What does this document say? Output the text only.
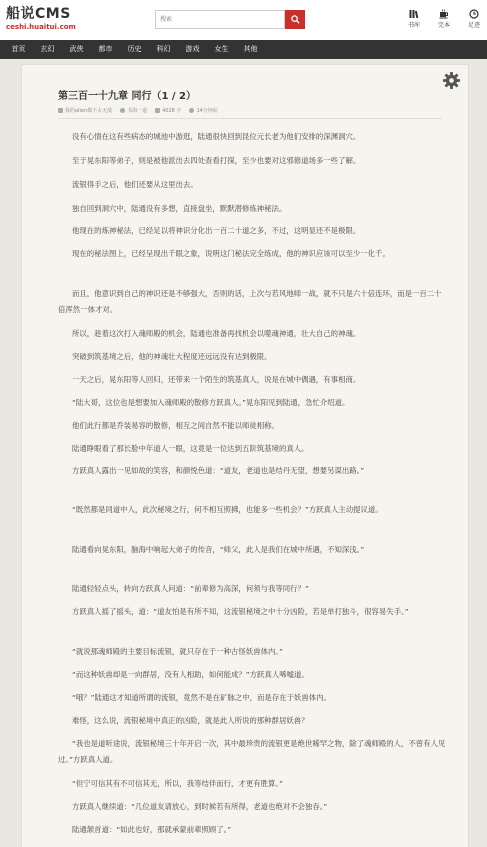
船说CMS
ceshi.huaitui.com
搜索	书库	完本	足迹
首页	玄幻	武侠	都市	历史	科幻	游戏	女生	其他
第三百一十九章 同行（1 / 2）
我的alien都不太无敌	书海一道	4028 字	14分钟前

没有心情在这有些病态的城池中游逛，陆通很快回到昆位元长老为他们安排的深渊洞穴。

至于晃东阳等弟子，则是被他派出去四处查看打探，至少也要对这邪修道场多一些了解。

流银得手之后，他们还要从这里出去。

独自回到洞穴中，陆通没有多想，直接盘坐，默默潜修炼神秘法。

他现在的炼神秘法，已经足以将神识分化出一百二十道之多，不过，这明显还不是极限。

现在的秘法图上，已经呈现出千眼之象，说明这门秘法完全练成，他的神识应该可以至少一化千。

而且，他意识到自己的神识还是不够强大，否则的话，上次与若风地师一战，就不只是六十倍连环，而是一百二十倍浑然一体才对。

所以，趁着这次打入魂师殿的机会，陆通也准备再找机会以噬魂神通，壮大自己的神魂。

突破到筑基境之后，他的神魂壮大程度还远远没有达到极限。

一天之后，晃东阳等人回归，还带来一个陌生的筑基真人，说是在城中偶遇，有事相商。

“陆大哥，这位也是想要加入魂师殿的散修方跃真人。”晃东阳见到陆通，急忙介绍道。

他们此行都是乔装易容的散修，相互之间自然不能以师徒相称。

陆通睁眼看了那长脸中年道人一眼，这竟是一位达到五阶筑基境的真人。

方跃真人露出一见如故的笑容，和颜悦色道：“道友，老道也是结丹无望，想要另谋出路。”

“既然都是同道中人，此次秘境之行，何不相互照拂，也能多一些机会？”方跃真人主动提议道。

陆通看向晃东阳，脑海中响起大弟子的传音，“师父，此人是我们在城中所遇，不知深浅。”

陆通轻轻点头，转向方跃真人问道：“前辈修为高深，何须与我等同行？”

方跃真人摇了摇头，道：“道友怕是有所不知，这流银秘境之中十分凶险，若是单打独斗，很容易失手。”

“就说那魂师殿的主要目标流银，就只存在于一种古怪妖兽体内。”

“而这种妖兽却是一向群居，没有人相助，如何能成？”方跃真人唏嘘道。

“哦？”陆通这才知道所谓的流银，竟然不是在矿脉之中，而是存在于妖兽体内。

难怪，这么说，流银秘境中真正的凶险，就是此人所说的那种群居妖兽？

“我也是道听途说，流银秘境三十年开启一次，其中最珍贵的流银更是绝世稀罕之物，除了魂师殿的人，不曾有人见过。”方跃真人道。

“但宁可信其有不可信其无，所以，我等结伴而行，才更有胜算。”

方跃真人继续道：“几位道友请放心，到时候若有所得，老道也绝对不会独吞。”

陆通颔首道：“如此也好，那就承蒙前辈照顾了。”
